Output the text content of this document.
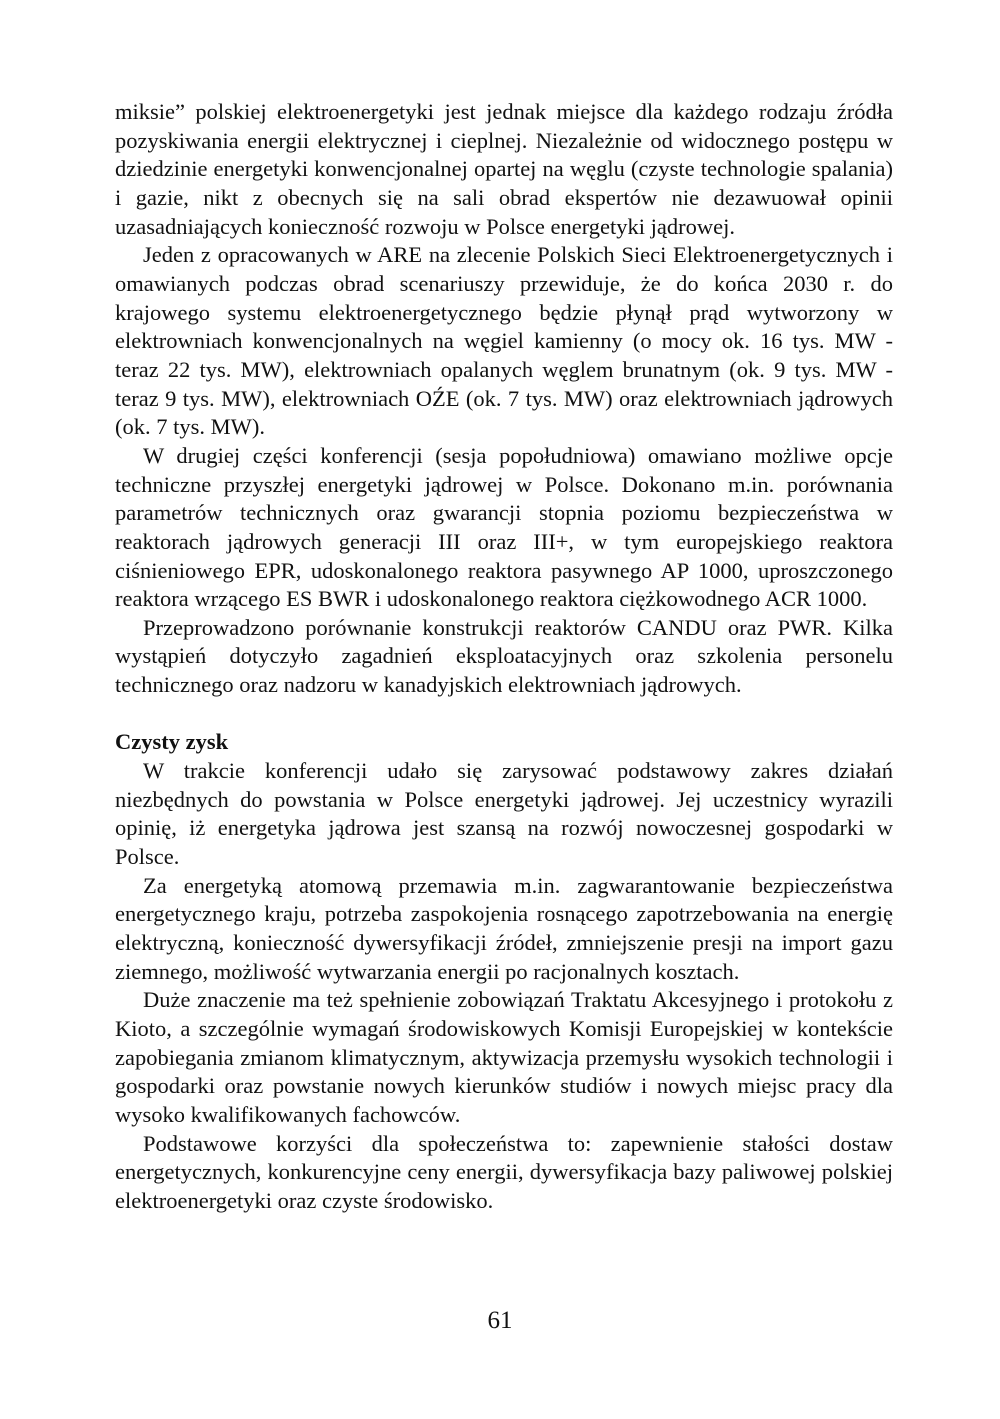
miksie” polskiej elektroenergetyki jest jednak miejsce dla każdego rodzaju źródła pozyskiwania energii elektrycznej i cieplnej. Niezależnie od widocznego postępu w dziedzinie energetyki konwencjonalnej opartej na węglu (czyste technologie spalania) i gazie, nikt z obecnych się na sali obrad ekspertów nie dezawuował opinii uzasadniających konieczność rozwoju w Polsce energetyki jądrowej.

Jeden z opracowanych w ARE na zlecenie Polskich Sieci Elektroenergetycznych i omawianych podczas obrad scenariuszy przewiduje, że do końca 2030 r. do krajowego systemu elektroenergetycznego będzie płynął prąd wytworzony w elektrowniach konwencjonalnych na węgiel kamienny (o mocy ok. 16 tys. MW - teraz 22 tys. MW), elektrowniach opalanych węglem brunatnym (ok. 9 tys. MW - teraz 9 tys. MW), elektrowniach OŹE (ok. 7 tys. MW) oraz elektrowniach jądrowych (ok. 7 tys. MW).

W drugiej części konferencji (sesja popołudniowa) omawiano możliwe opcje techniczne przyszłej energetyki jądrowej w Polsce. Dokonano m.in. porównania parametrów technicznych oraz gwarancji stopnia poziomu bezpieczeństwa w reaktorach jądrowych generacji III oraz III+, w tym europejskiego reaktora ciśnieniowego EPR, udoskonalonego reaktora pasywnego AP 1000, uproszczonego reaktora wrzącego ES BWR i udoskonalonego reaktora ciężkowodnego ACR 1000.

Przeprowadzono porównanie konstrukcji reaktorów CANDU oraz PWR. Kilka wystąpień dotyczyło zagadnień eksploatacyjnych oraz szkolenia personelu technicznego oraz nadzoru w kanadyjskich elektrowniach jądrowych.

Czysty zysk

W trakcie konferencji udało się zarysować podstawowy zakres działań niezbędnych do powstania w Polsce energetyki jądrowej. Jej uczestnicy wyrazili opinię, iż energetyka jądrowa jest szansą na rozwój nowoczesnej gospodarki w Polsce.

Za energetyką atomową przemawia m.in. zagwarantowanie bezpieczeństwa energetycznego kraju, potrzeba zaspokojenia rosnącego zapotrzebowania na energię elektryczną, konieczność dywersyfikacji źródeł, zmniejszenie presji na import gazu ziemnego, możliwość wytwarzania energii po racjonalnych kosztach.

Duże znaczenie ma też spełnienie zobowiązań Traktatu Akcesyjnego i protokołu z Kioto, a szczególnie wymagań środowiskowych Komisji Europejskiej w kontekście zapobiegania zmianom klimatycznym, aktywizacja przemysłu wysokich technologii i gospodarki oraz powstanie nowych kierunków studiów i nowych miejsc pracy dla wysoko kwalifikowanych fachowców.

Podstawowe korzyści dla społeczeństwa to: zapewnienie stałości dostaw energetycznych, konkurencyjne ceny energii, dywersyfikacja bazy paliwowej polskiej elektroenergetyki oraz czyste środowisko.

61
